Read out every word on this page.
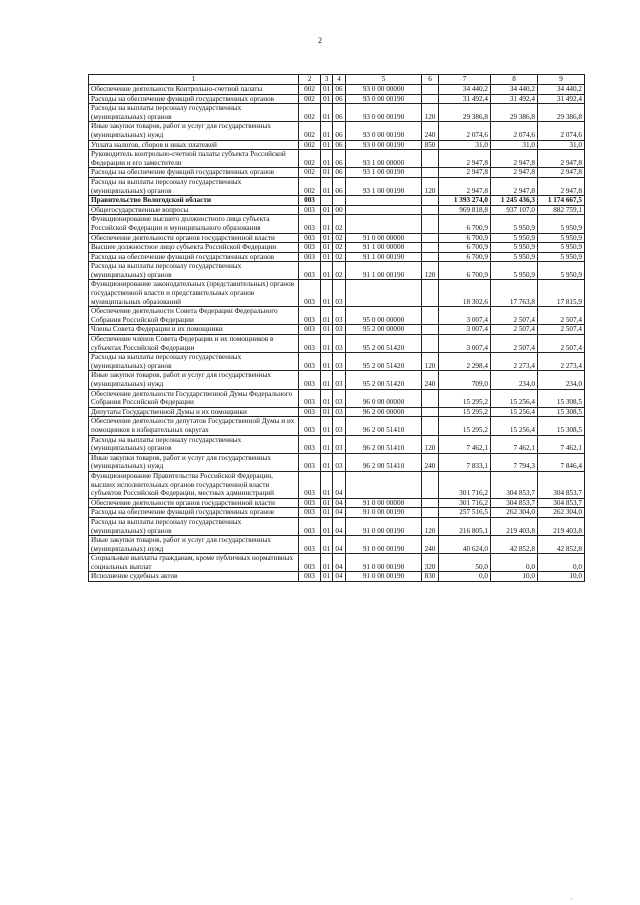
2
1	2	3	4	5	6	7	8	9
Обеспечение деятельности Контрольно-счетной палаты	002	01	06	93 0 00 00000		34 440,2	34 440,2	34 440,2
Расходы на обеспечение функций государственных органов	002	01	06	93 0 00 00190		31 492,4	31 492,4	31 492,4
Расходы на выплаты персоналу государственных (муниципальных) органов	002	01	06	93 0 00 00190	120	29 386,8	29 386,8	29 386,8
Иные закупки товаров, работ и услуг для государственных (муниципальных) нужд	002	01	06	93 0 00 00190	240	2 074,6	2 074,6	2 074,6
Уплата налогов, сборов и иных платежей	002	01	06	93 0 00 00190	850	31,0	31,0	31,0
Руководитель контрольно-счетной палаты субъекта Российской Федерации и его заместители	002	01	06	93 1 00 00000		2 947,8	2 947,8	2 947,8
Расходы на обеспечение функций государственных органов	002	01	06	93 1 00 00190		2 947,8	2 947,8	2 947,8
Расходы на выплаты персоналу государственных (муниципальных) органов	002	01	06	93 1 00 00190	120	2 947,8	2 947,8	2 947,8
Правительство Вологодской области	003					1 393 274,0	1 245 436,3	1 174 667,5
Общегосударственные вопросы	003	01	00			969 818,8	937 107,0	882 759,1
Функционирование высшего должностного лица субъекта Российской Федерации и муниципального образования	003	01	02			6 700,9	5 950,9	5 950,9
Обеспечение деятельности органов государственной власти	003	01	02	91 0 00 00000		6 700,9	5 950,9	5 950,9
Высшее должностное лицо субъекта Российской Федерации	003	01	02	91 1 00 00000		6 700,9	5 950,9	5 950,9
Расходы на обеспечение функций государственных органов	003	01	02	91 1 00 00190		6 700,9	5 950,9	5 950,9
Расходы на выплаты персоналу государственных (муниципальных) органов	003	01	02	91 1 00 00190	120	6 700,9	5 950,9	5 950,9
Функционирование законодательных (представительных) органов государственной власти и представительных органов муниципальных образований	003	01	03			18 302,6	17 763,8	17 815,9
Обеспечение деятельности Совета Федерации Федерального Собрания Российской Федерации	003	01	03	95 0 00 00000		3 007,4	2 507,4	2 507,4
Члены Совета Федерации и их помощники	003	01	03	95 2 00 00000		3 007,4	2 507,4	2 507,4
Обеспечение членов Совета Федерации и их помощников в субъектах Российской Федерации	003	01	03	95 2 00 51420		3 007,4	2 507,4	2 507,4
Расходы на выплаты персоналу государственных (муниципальных) органов	003	01	03	95 2 00 51420	120	2 298,4	2 273,4	2 273,4
Иные закупки товаров, работ и услуг для государственных (муниципальных) нужд	003	01	03	95 2 00 51420	240	709,0	234,0	234,0
Обеспечение деятельности Государственной Думы Федерального Собрания Российской Федерации	003	01	03	96 0 00 00000		15 295,2	15 256,4	15 308,5
Депутаты Государственной Думы и их помощники	003	01	03	96 2 00 00000		15 295,2	15 256,4	15 308,5
Обеспечение деятельности депутатов Государственной Думы и их помощников в избирательных округах	003	01	03	96 2 00 51410		15 295,2	15 256,4	15 308,5
Расходы на выплаты персоналу государственных (муниципальных) органов	003	01	03	96 2 00 51410	120	7 462,1	7 462,1	7 462,1
Иные закупки товаров, работ и услуг для государственных (муниципальных) нужд	003	01	03	96 2 00 51410	240	7 833,1	7 794,3	7 846,4
Функционирование Правительства Российской Федерации, высших исполнительных органов государственной власти субъектов Российской Федерации, местных администраций	003	01	04			301 716,2	304 853,7	304 853,7
Обеспечение деятельности органов государственной власти	003	01	04	91 0 00 00000		301 716,2	304 853,7	304 853,7
Расходы на обеспечение функций государственных органов	003	01	04	91 0 00 00190		257 516,5	262 304,0	262 304,0
Расходы на выплаты персоналу государственных (муниципальных) органов	003	01	04	91 0 00 00190	120	216 805,1	219 403,8	219 403,8
Иные закупки товаров, работ и услуг для государственных (муниципальных) нужд	003	01	04	91 0 00 00190	240	40 624,0	42 852,8	42 852,8
Социальные выплаты гражданам, кроме публичных нормативных социальных выплат	003	01	04	91 0 00 00190	320	50,0	0,0	0,0
Исполнение судебных актов	003	01	04	91 0 00 00190	830	0,0	10,0	10,0
'
